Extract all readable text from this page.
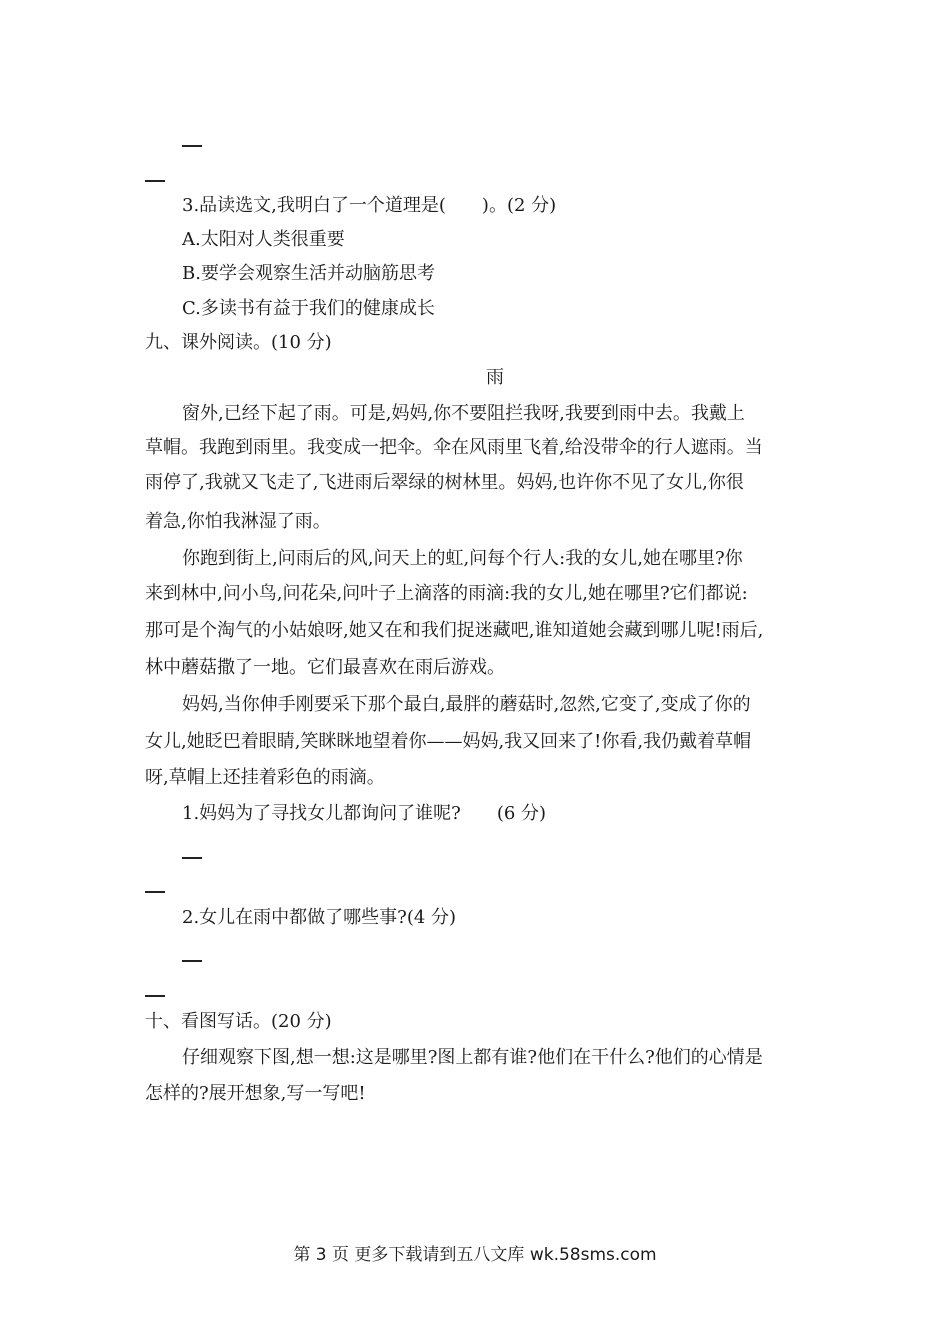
3.品读选文,我明白了一个道理是(　　)。(2 分)
A.太阳对人类很重要
B.要学会观察生活并动脑筋思考
C.多读书有益于我们的健康成长
九、课外阅读。(10 分)
雨
窗外,已经下起了雨。可是,妈妈,你不要阻拦我呀,我要到雨中去。我戴上
草帽。我跑到雨里。我变成一把伞。伞在风雨里飞着,给没带伞的行人遮雨。当
雨停了,我就又飞走了,飞进雨后翠绿的树林里。妈妈,也许你不见了女儿,你很
着急,你怕我淋湿了雨。
你跑到街上,问雨后的风,问天上的虹,问每个行人:我的女儿,她在哪里?你
来到林中,问小鸟,问花朵,问叶子上滴落的雨滴:我的女儿,她在哪里?它们都说:
那可是个淘气的小姑娘呀,她又在和我们捉迷藏吧,谁知道她会藏到哪儿呢!雨后,
林中蘑菇撒了一地。它们最喜欢在雨后游戏。
妈妈,当你伸手刚要采下那个最白,最胖的蘑菇时,忽然,它变了,变成了你的
女儿,她眨巴着眼睛,笑眯眯地望着你——妈妈,我又回来了!你看,我仍戴着草帽
呀,草帽上还挂着彩色的雨滴。
1.妈妈为了寻找女儿都询问了谁呢?　　(6 分)
2.女儿在雨中都做了哪些事?(4 分)
十、看图写话。(20 分)
仔细观察下图,想一想:这是哪里?图上都有谁?他们在干什么?他们的心情是
怎样的?展开想象,写一写吧!
第 3 页 更多下载请到五八文库 wk.58sms.com
